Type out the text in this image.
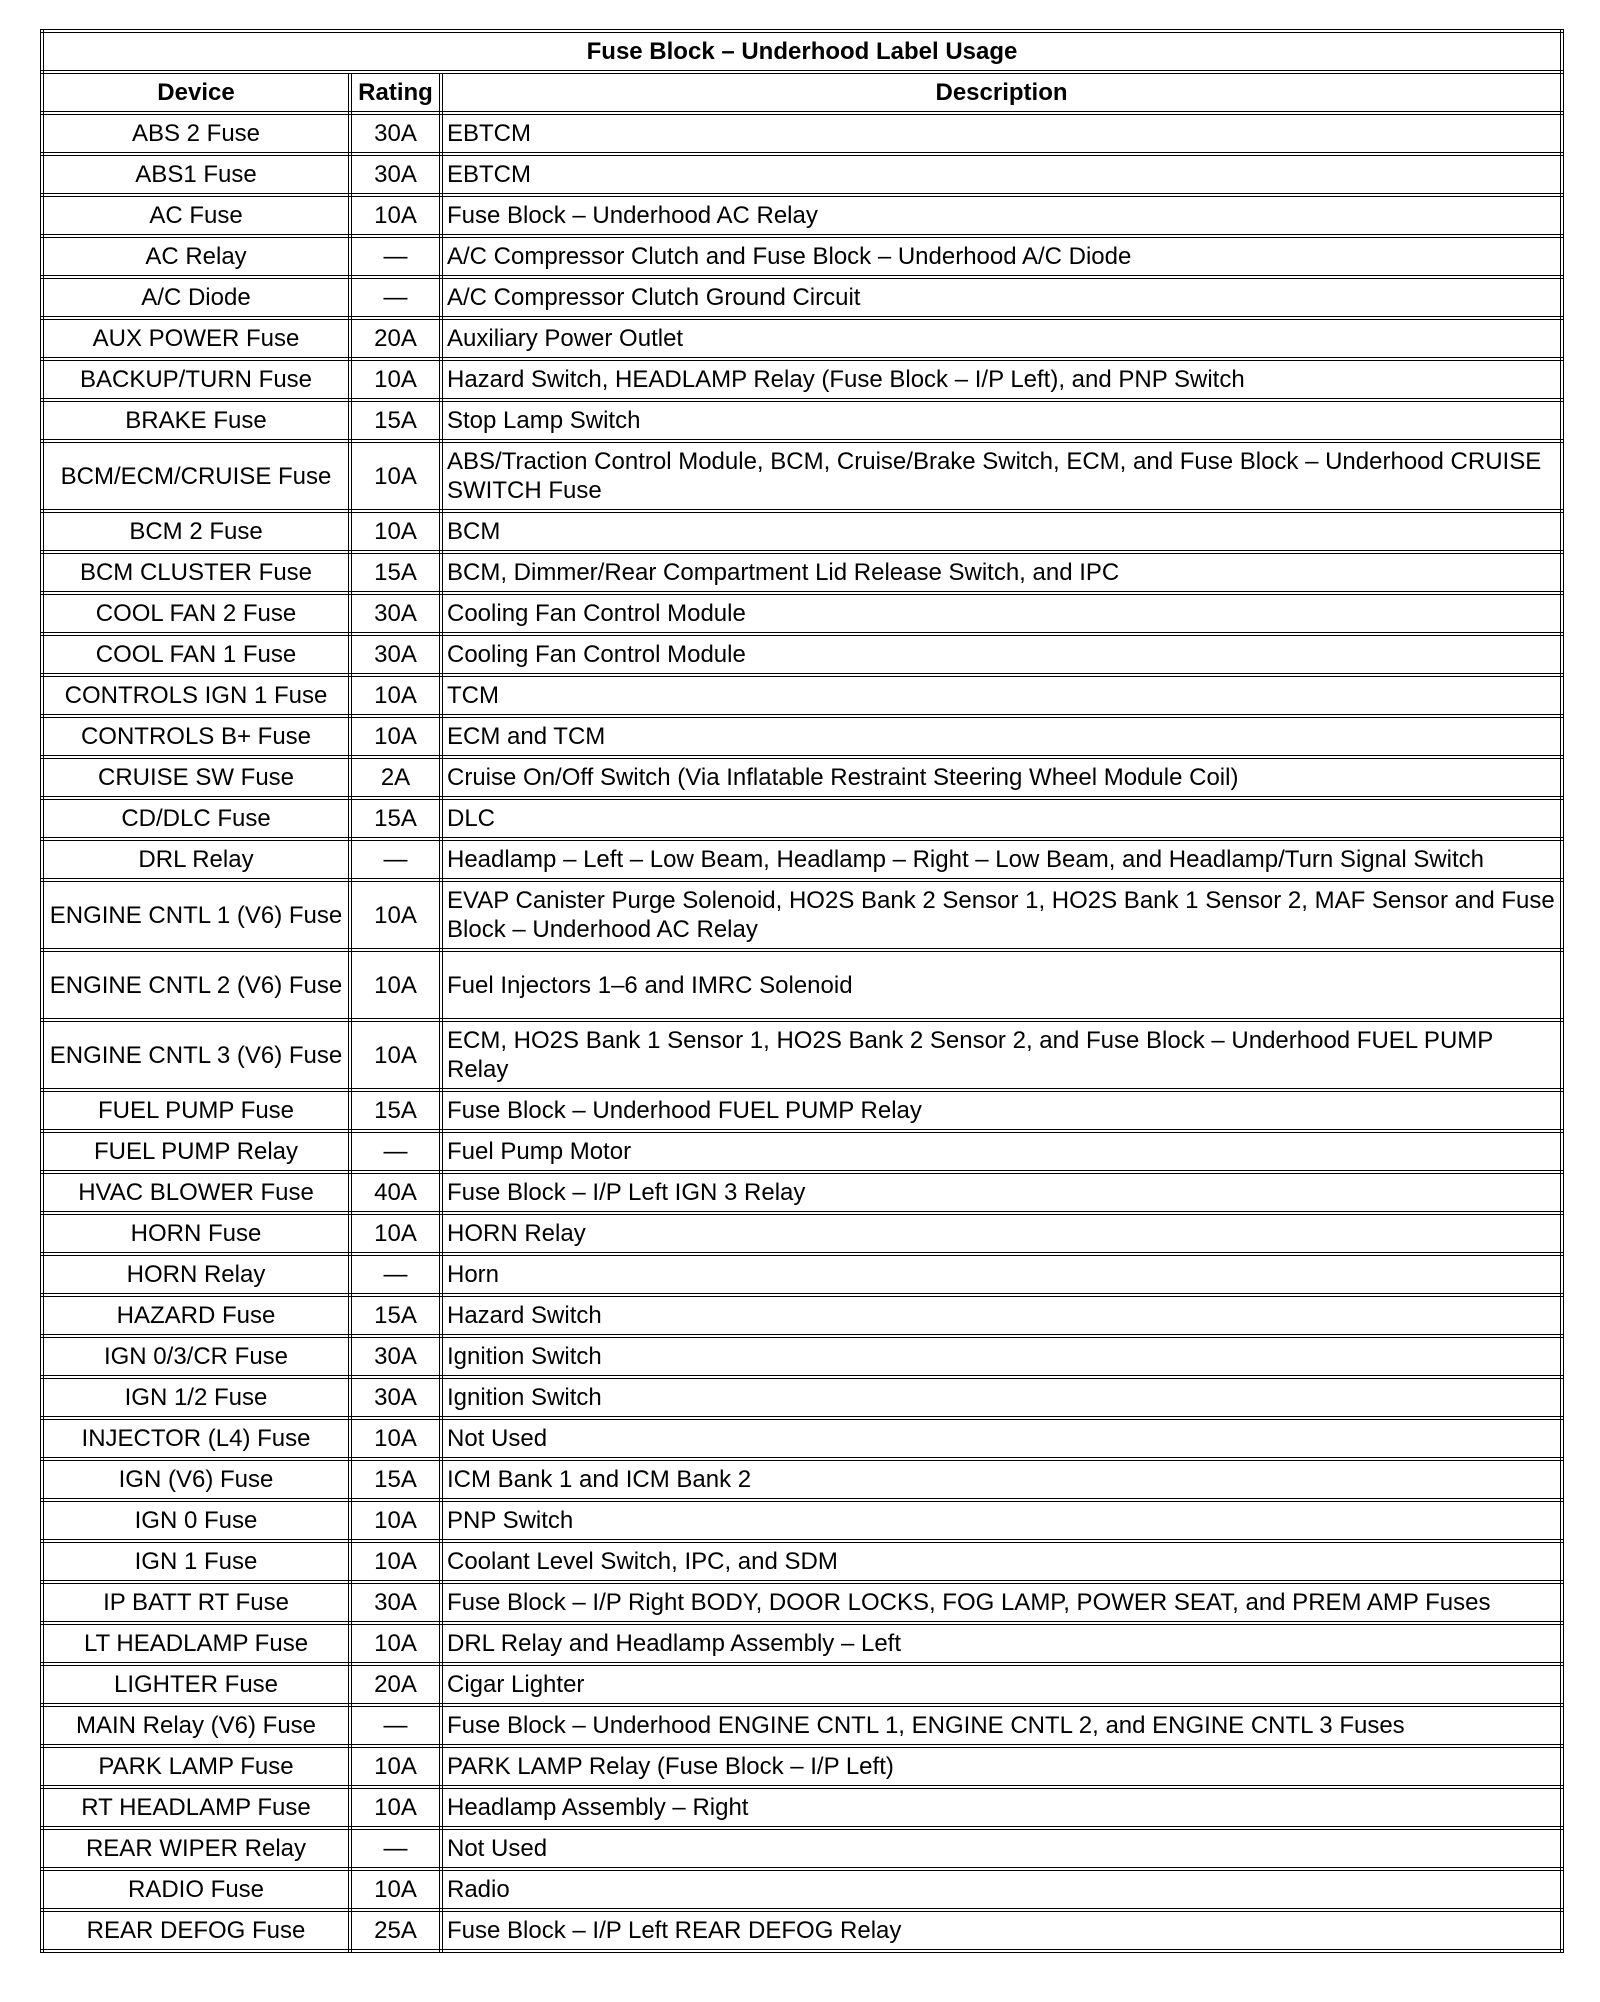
Fuse Block – Underhood Label Usage		
Device	Rating	Description
ABS 2 Fuse	30A	EBTCM
ABS1 Fuse	30A	EBTCM
AC Fuse	10A	Fuse Block – Underhood AC Relay
AC Relay	—	A/C Compressor Clutch and Fuse Block – Underhood A/C Diode
A/C Diode	—	A/C Compressor Clutch Ground Circuit
AUX POWER Fuse	20A	Auxiliary Power Outlet
BACKUP/TURN Fuse	10A	Hazard Switch, HEADLAMP Relay (Fuse Block – I/P Left), and PNP Switch
BRAKE Fuse	15A	Stop Lamp Switch
BCM/ECM/CRUISE Fuse	10A	ABS/Traction Control Module, BCM, Cruise/Brake Switch, ECM, and Fuse Block – Underhood CRUISE SWITCH Fuse
BCM 2 Fuse	10A	BCM
BCM CLUSTER Fuse	15A	BCM, Dimmer/Rear Compartment Lid Release Switch, and IPC
COOL FAN 2 Fuse	30A	Cooling Fan Control Module
COOL FAN 1 Fuse	30A	Cooling Fan Control Module
CONTROLS IGN 1 Fuse	10A	TCM
CONTROLS B+ Fuse	10A	ECM and TCM
CRUISE SW Fuse	2A	Cruise On/Off Switch (Via Inflatable Restraint Steering Wheel Module Coil)
CD/DLC Fuse	15A	DLC
DRL Relay	—	Headlamp – Left – Low Beam, Headlamp – Right – Low Beam, and Headlamp/Turn Signal Switch
ENGINE CNTL 1 (V6) Fuse	10A	EVAP Canister Purge Solenoid, HO2S Bank 2 Sensor 1, HO2S Bank 1 Sensor 2, MAF Sensor and Fuse Block – Underhood AC Relay
ENGINE CNTL 2 (V6) Fuse	10A	Fuel Injectors 1–6 and IMRC Solenoid
ENGINE CNTL 3 (V6) Fuse	10A	ECM, HO2S Bank 1 Sensor 1, HO2S Bank 2 Sensor 2, and Fuse Block – Underhood FUEL PUMP Relay
FUEL PUMP Fuse	15A	Fuse Block – Underhood FUEL PUMP Relay
FUEL PUMP Relay	—	Fuel Pump Motor
HVAC BLOWER Fuse	40A	Fuse Block – I/P Left IGN 3 Relay
HORN Fuse	10A	HORN Relay
HORN Relay	—	Horn
HAZARD Fuse	15A	Hazard Switch
IGN 0/3/CR Fuse	30A	Ignition Switch
IGN 1/2 Fuse	30A	Ignition Switch
INJECTOR (L4) Fuse	10A	Not Used
IGN (V6) Fuse	15A	ICM Bank 1 and ICM Bank 2
IGN 0 Fuse	10A	PNP Switch
IGN 1 Fuse	10A	Coolant Level Switch, IPC, and SDM
IP BATT RT Fuse	30A	Fuse Block – I/P Right BODY, DOOR LOCKS, FOG LAMP, POWER SEAT, and PREM AMP Fuses
LT HEADLAMP Fuse	10A	DRL Relay and Headlamp Assembly – Left
LIGHTER Fuse	20A	Cigar Lighter
MAIN Relay (V6) Fuse	—	Fuse Block – Underhood ENGINE CNTL 1, ENGINE CNTL 2, and ENGINE CNTL 3 Fuses
PARK LAMP Fuse	10A	PARK LAMP Relay (Fuse Block – I/P Left)
RT HEADLAMP Fuse	10A	Headlamp Assembly – Right
REAR WIPER Relay	—	Not Used
RADIO Fuse	10A	Radio
REAR DEFOG Fuse	25A	Fuse Block – I/P Left REAR DEFOG Relay
